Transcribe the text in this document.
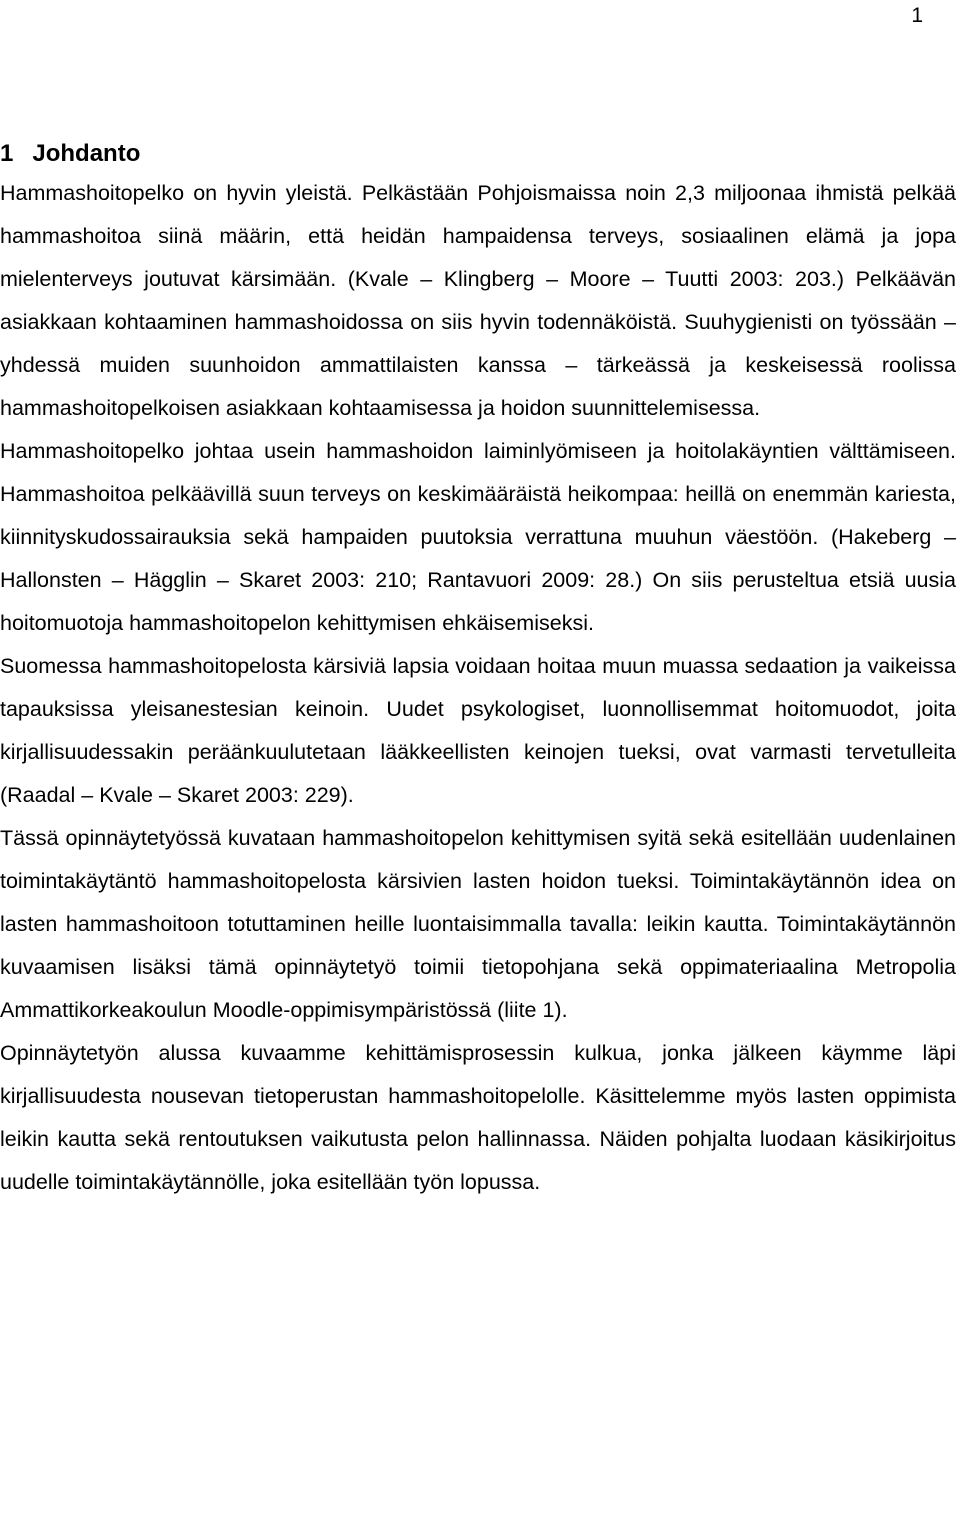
1
1 Johdanto

Hammashoitopelko on hyvin yleistä. Pelkästään Pohjoismaissa noin 2,3 miljoonaa ihmistä pelkää hammashoitoa siinä määrin, että heidän hampaidensa terveys, sosiaalinen elämä ja jopa mielenterveys joutuvat kärsimään. (Kvale – Klingberg – Moore – Tuutti 2003: 203.) Pelkäävän asiakkaan kohtaaminen hammashoidossa on siis hyvin todennäköistä. Suuhygienisti on työssään – yhdessä muiden suunhoidon ammattilaisten kanssa – tärkeässä ja keskeisessä roolissa hammashoitopelkoisen asiakkaan kohtaamisessa ja hoidon suunnittelemisessa.

Hammashoitopelko johtaa usein hammashoidon laiminlyömiseen ja hoitolakäyntien välttämiseen. Hammashoitoa pelkäävillä suun terveys on keskimääräistä heikompaa: heillä on enemmän kariesta, kiinnityskudossairauksia sekä hampaiden puutoksia verrattuna muuhun väestöön. (Hakeberg – Hallonsten – Hägglin – Skaret 2003: 210; Rantavuori 2009: 28.) On siis perusteltua etsiä uusia hoitomuotoja hammashoitopelon kehittymisen ehkäisemiseksi.

Suomessa hammashoitopelosta kärsiviä lapsia voidaan hoitaa muun muassa sedaation ja vaikeissa tapauksissa yleisanestesian keinoin. Uudet psykologiset, luonnollisemmat hoitomuodot, joita kirjallisuudessakin peräänkuulutetaan lääkkeellisten keinojen tueksi, ovat varmasti tervetulleita (Raadal – Kvale – Skaret 2003: 229).

Tässä opinnäytetyössä kuvataan hammashoitopelon kehittymisen syitä sekä esitellään uudenlainen toimintakäytäntö hammashoitopelosta kärsivien lasten hoidon tueksi. Toimintakäytännön idea on lasten hammashoitoon totuttaminen heille luontaisimmalla tavalla: leikin kautta. Toimintakäytännön kuvaamisen lisäksi tämä opinnäytetyö toimii tietopohjana sekä oppimateriaalina Metropolia Ammattikorkeakoulun Moodle-oppimisympäristössä (liite 1).

Opinnäytetyön alussa kuvaamme kehittämisprosessin kulkua, jonka jälkeen käymme läpi kirjallisuudesta nousevan tietoperustan hammashoitopelolle. Käsittelemme myös lasten oppimista leikin kautta sekä rentoutuksen vaikutusta pelon hallinnassa. Näiden pohjalta luodaan käsikirjoitus uudelle toimintakäytännölle, joka esitellään työn lopussa.
